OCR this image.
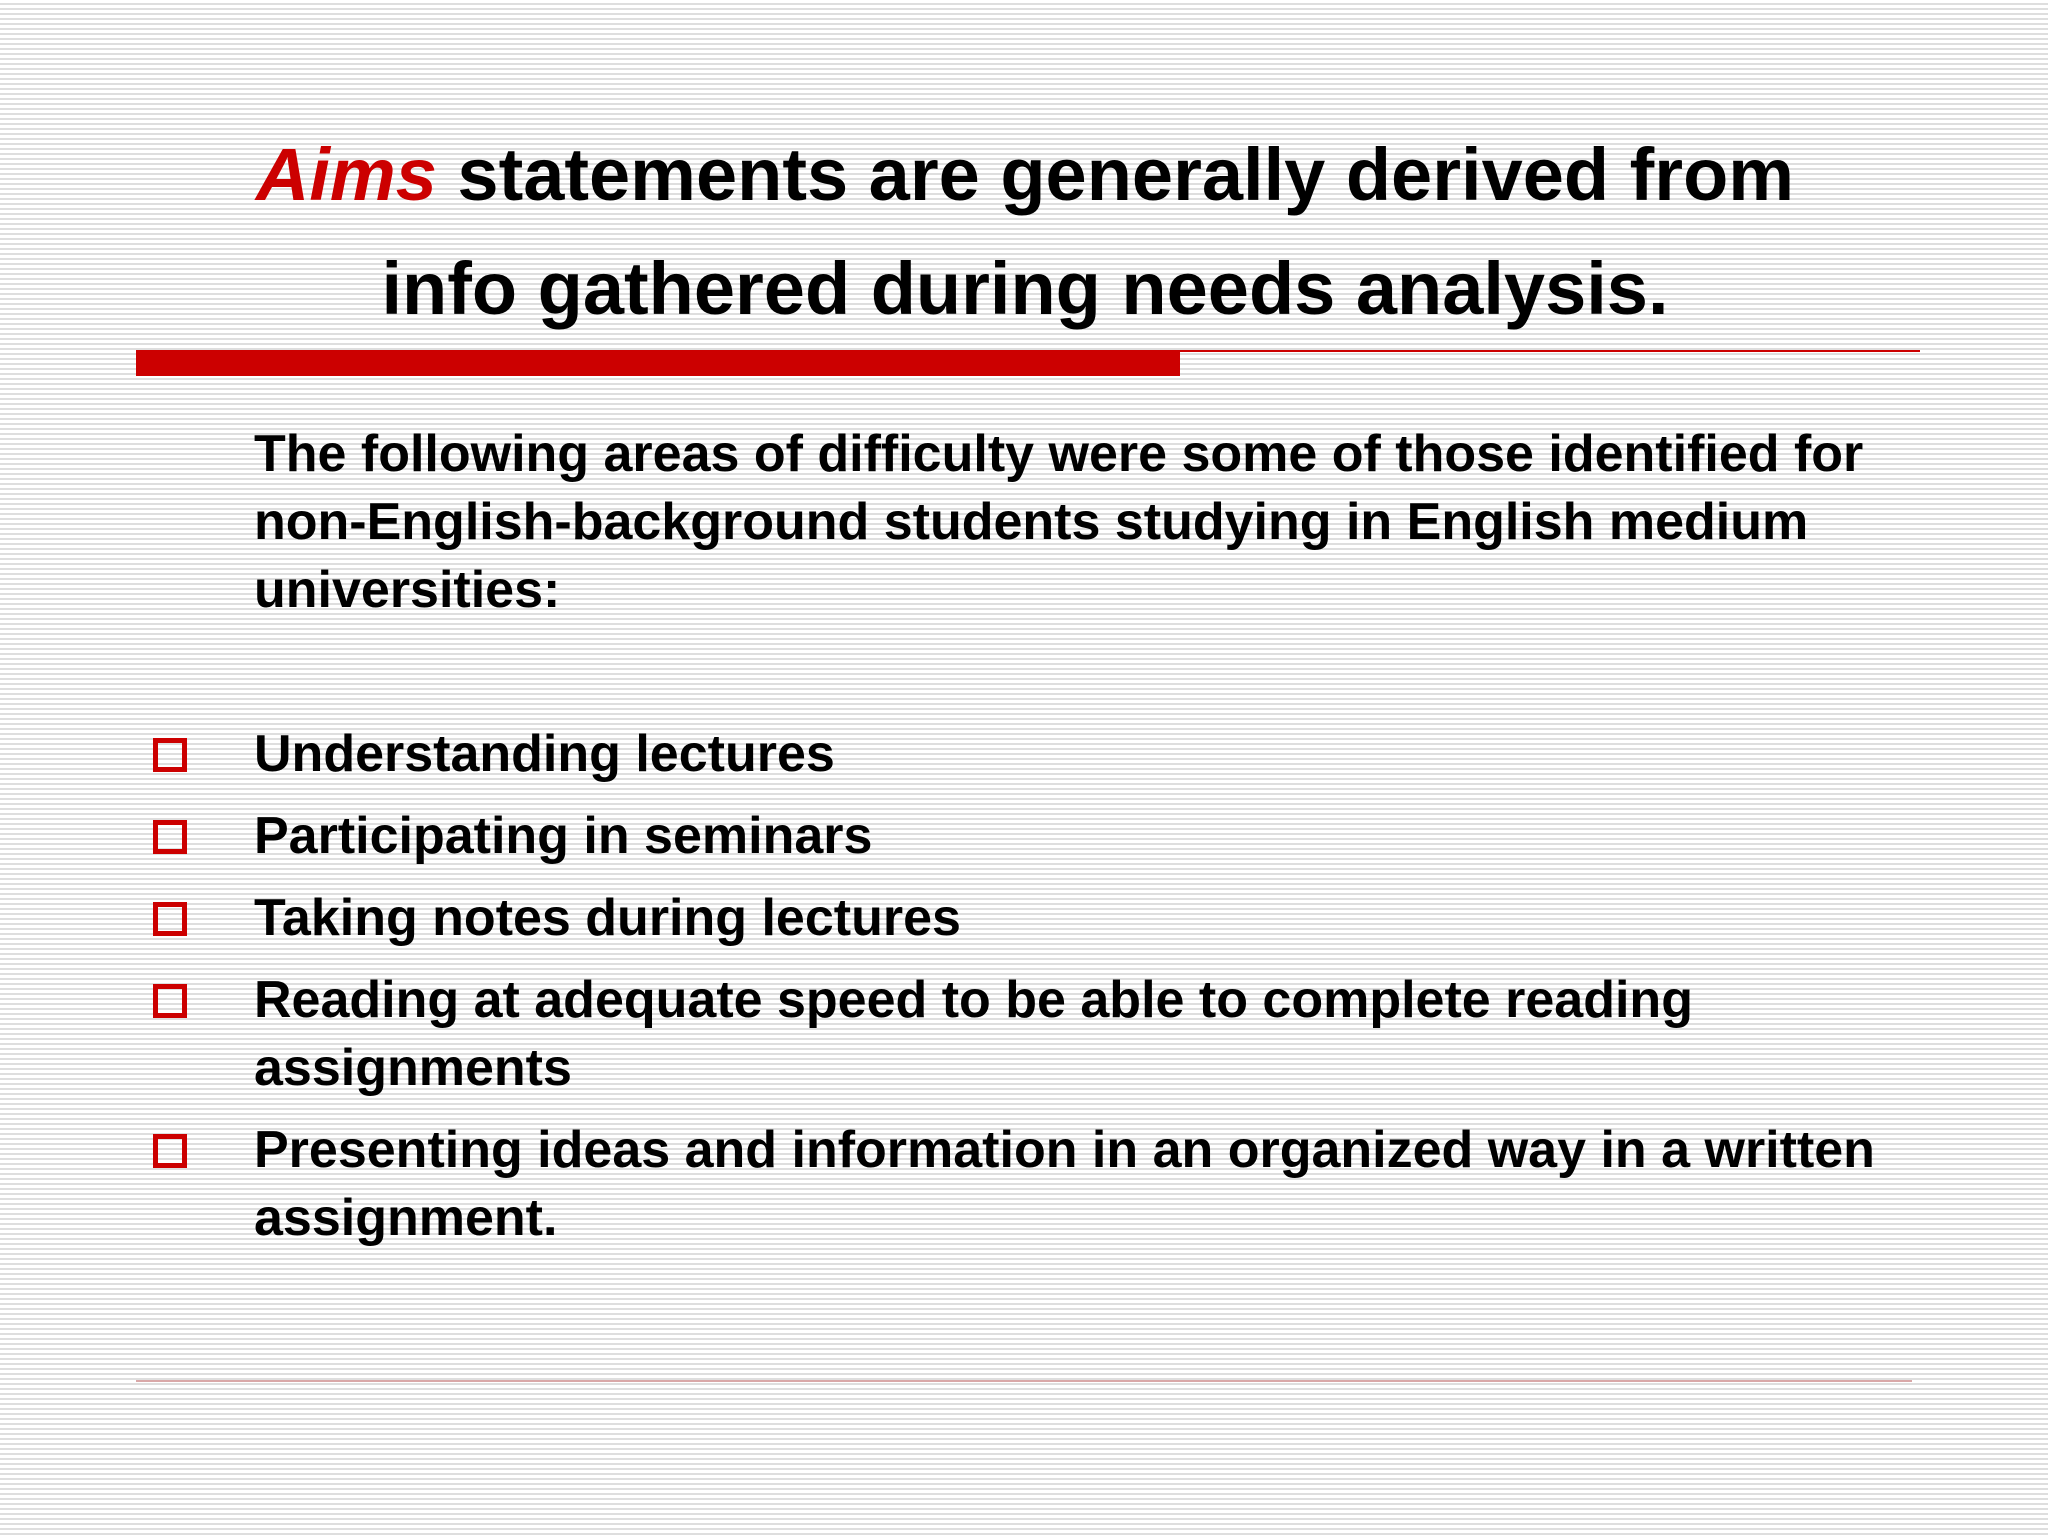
Aims statements are generally derived from
info gathered during needs analysis.

The following areas of difficulty were some of those identified for non-English-background students studying in English medium universities:

Understanding lectures
Participating in seminars
Taking notes during lectures
Reading at adequate speed to be able to complete reading assignments
Presenting ideas and information in an organized way in a written assignment.
